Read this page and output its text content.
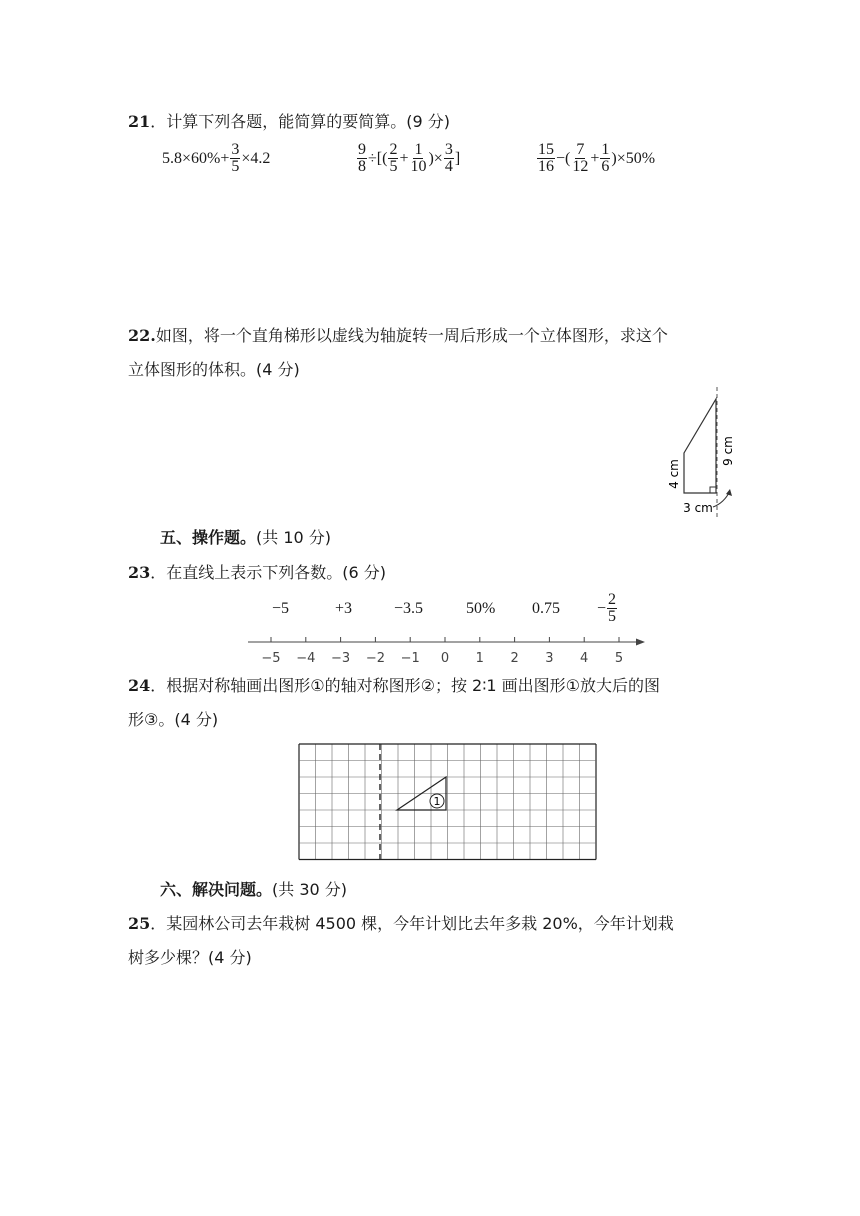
21．计算下列各题，能简算的要简算。(9 分)
$5.8\times 60\%+ \frac{3}{5} \times 4.2$	$\frac{9}{8}$ ÷[( $\frac{2}{5} + \frac{1}{10}$ )× $\frac{3}{4}$ ]	$\frac{15}{16}$ −( $\frac{7}{12} + \frac{1}{6} )\times 50\%$
22.如图，将一个直角梯形以虚线为轴旋转一周后形成一个立体图形，求这个
立体图形的体积。(4 分)
4 cm
9 cm
3 cm
五、操作题。(共 10 分)
23．在直线上表示下列各数。(6 分)
−5	+3	−3.5	50% $0.75 - \frac{2}{5}$
−5 −4 −3 −2 −1 0 1 2 3 4 5
24．根据对称轴画出图形①的轴对称图形②；按 2∶1 画出图形①放大后的图
形③。(4 分)
1
六、解决问题。(共 30 分)
25．某园林公司去年栽树 4500 棵，今年计划比去年多栽 20%，今年计划栽
树多少棵？(4 分)
